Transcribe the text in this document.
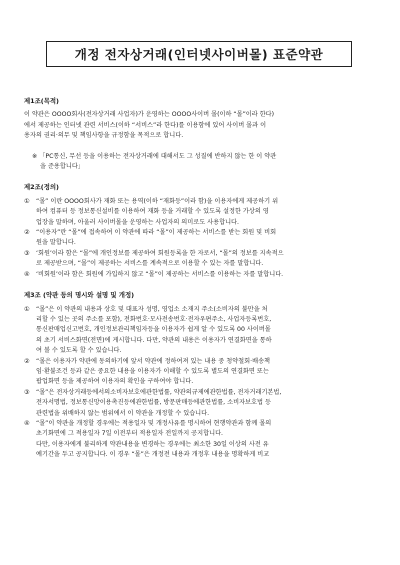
개정 전자상거래(인터넷사이버몰) 표준약관
제1조(목적)
이 약관은 OOOO회사(전자상거래 사업자)가 운영하는 OOOO사이버 몰(이하 “몰”이라 한다)
에서 제공하는 인터넷 관련 서비스(이하 “서비스”라 한다)를 이용함에 있어 사이버 몰과 이
용자의 권리·의무 및 책임사항을 규정함을 목적으로 합니다.
※ 「PC통신, 무선 등을 이용하는 전자상거래에 대해서도 그 성질에 반하지 않는 한 이 약관
을 준용합니다」
제2조(정의)
①	“몰” 이란 OOOO회사가 재화 또는 용역(이하 “재화등”이라 함)을 이용자에게 제공하기 위
하여 컴퓨터 등 정보통신설비를 이용하여 재화 등을 거래할 수 있도록 설정한 가상의 영
업장을 말하며, 아울러 사이버몰을 운영하는 사업자의 의미로도 사용합니다.
②	“이용자”란 “몰”에 접속하여 이 약관에 따라 “몰”이 제공하는 서비스를 받는 회원 및 비회
원을 말합니다.
③	‘회원’이라 함은 “몰”에 개인정보를 제공하여 회원등록을 한 자로서, “몰”의 정보를 지속적으
로 제공받으며, “몰”이 제공하는 서비스를 계속적으로 이용할 수 있는 자를 말합니다.
④	‘비회원’이라 함은 회원에 가입하지 않고 “몰”이 제공하는 서비스를 이용하는 자를 말합니다.
제3조 (약관 등의 명시와 설명 및 개정)
①	“몰”은 이 약관의 내용과 상호 및 대표자 성명, 영업소 소재지 주소(소비자의 불만을 처
리할 수 있는 곳의 주소를 포함), 전화번호·모사전송번호·전자우편주소, 사업자등록번호,
통신판매업신고번호, 개인정보관리책임자등을 이용자가 쉽게 알 수 있도록 00 사이버몰
의 초기 서비스화면(전면)에 게시합니다. 다만, 약관의 내용은 이용자가 연결화면을 통하
여 볼 수 있도록 할 수 있습니다.
②	“몰은 이용자가 약관에 동의하기에 앞서 약관에 정하여져 있는 내용 중 청약철회·배송책
임·환불조건 등과 같은 중요한 내용을 이용자가 이해할 수 있도록 별도의 연결화면 또는
팝업화면 등을 제공하여 이용자의 확인을 구하여야 합니다.
③	“몰”은 전자상거래등에서의소비자보호에관한법률, 약관의규제에관한법률, 전자거래기본법,
전자서명법, 정보통신망이용촉진등에관한법률, 방문판매등에관한법률, 소비자보호법 등
관련법을 위배하지 않는 범위에서 이 약관을 개정할 수 있습니다.
④	“몰”이 약관을 개정할 경우에는 적용일자 및 개정사유를 명시하여 현행약관과 함께 몰의
초기화면에 그 적용일자 7일 이전부터 적용일자 전일까지 공지합니다.
다만, 이용자에게 불리하게 약관내용을 변경하는 경우에는 최소한 30일 이상의 사전 유
예기간을 두고 공지합니다. 이 경우 “몰”은 개정전 내용과 개정후 내용을 명확하게 비교
